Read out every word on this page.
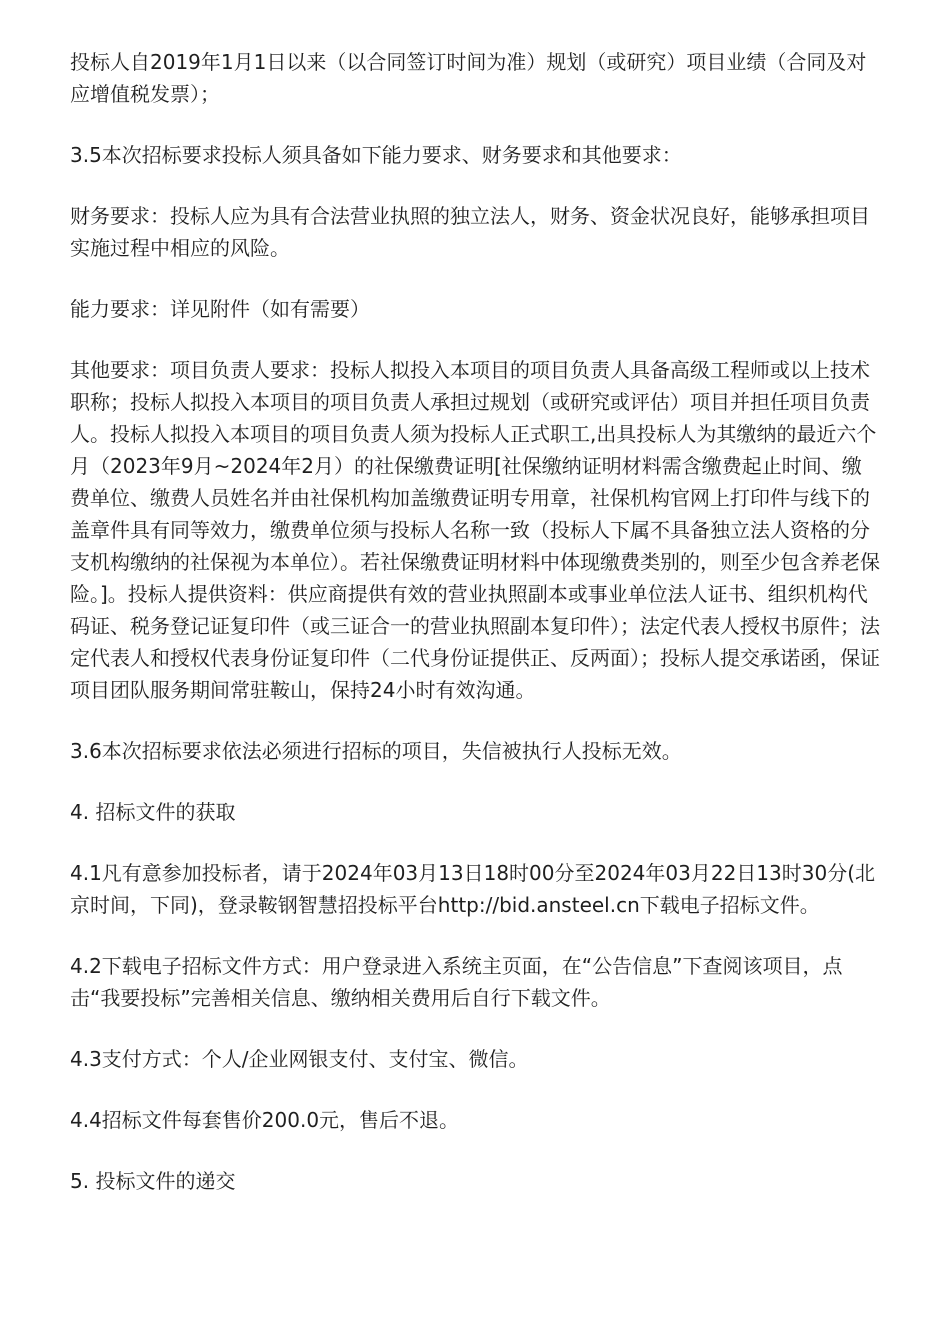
投标人自2019年1月1日以来（以合同签订时间为准）规划（或研究）项目业绩（合同及对应增值税发票）；

3.5本次招标要求投标人须具备如下能力要求、财务要求和其他要求：

财务要求：投标人应为具有合法营业执照的独立法人，财务、资金状况良好，能够承担项目实施过程中相应的风险。

能力要求：详见附件（如有需要）

其他要求：项目负责人要求：投标人拟投入本项目的项目负责人具备高级工程师或以上技术职称；投标人拟投入本项目的项目负责人承担过规划（或研究或评估）项目并担任项目负责人。投标人拟投入本项目的项目负责人须为投标人正式职工,出具投标人为其缴纳的最近六个月（2023年9月~2024年2月）的社保缴费证明[社保缴纳证明材料需含缴费起止时间、缴费单位、缴费人员姓名并由社保机构加盖缴费证明专用章，社保机构官网上打印件与线下的盖章件具有同等效力，缴费单位须与投标人名称一致（投标人下属不具备独立法人资格的分支机构缴纳的社保视为本单位）。若社保缴费证明材料中体现缴费类别的，则至少包含养老保险。]。投标人提供资料：供应商提供有效的营业执照副本或事业单位法人证书、组织机构代码证、税务登记证复印件（或三证合一的营业执照副本复印件）；法定代表人授权书原件；法定代表人和授权代表身份证复印件（二代身份证提供正、反两面）；投标人提交承诺函，保证项目团队服务期间常驻鞍山，保持24小时有效沟通。

3.6本次招标要求依法必须进行招标的项目，失信被执行人投标无效。

4. 招标文件的获取

4.1凡有意参加投标者，请于2024年03月13日18时00分至2024年03月22日13时30分(北京时间，下同)，登录鞍钢智慧招投标平台http://bid.ansteel.cn下载电子招标文件。

4.2下载电子招标文件方式：用户登录进入系统主页面，在“公告信息”下查阅该项目，点击“我要投标”完善相关信息、缴纳相关费用后自行下载文件。

4.3支付方式：个人/企业网银支付、支付宝、微信。

4.4招标文件每套售价200.0元，售后不退。

5. 投标文件的递交
